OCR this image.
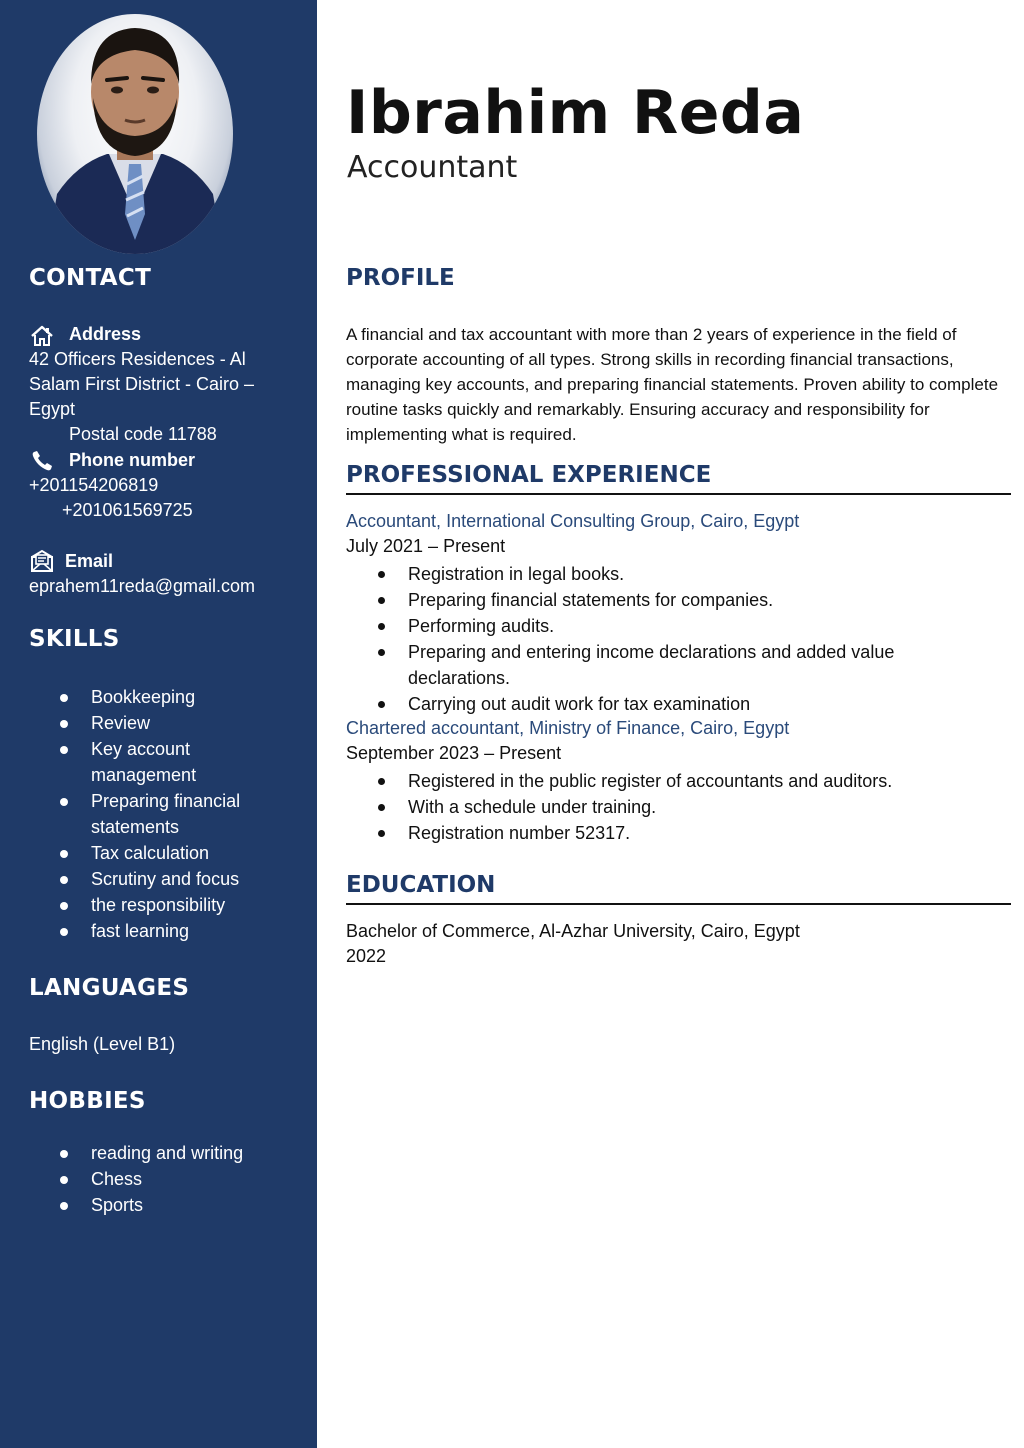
CONTACT

Address

42 Officers Residences - Al

Salam First District - Cairo –

Egypt

Postal code 11788

Phone number

+201154206819

+201061569725

Email

eprahem11reda@gmail.com

SKILLS
Bookkeeping
Review
Key account
management
Preparing financial
statements
Tax calculation
Scrutiny and focus
the responsibility
fast learning
LANGUAGES

English (Level B1)

HOBBIES
reading and writing
Chess
Sports
Ibrahim Reda

Accountant

PROFILE

A financial and tax accountant with more than 2 years of experience in the field of corporate accounting of all types. Strong skills in recording financial transactions, managing key accounts, and preparing financial statements. Proven ability to complete routine tasks quickly and remarkably. Ensuring accuracy and responsibility for implementing what is required.

PROFESSIONAL EXPERIENCE

Accountant, International Consulting Group, Cairo, Egypt

July 2021 – Present

Registration in legal books.
Preparing financial statements for companies.
Performing audits.
Preparing and entering income declarations and added value
declarations.
Carrying out audit work for tax examination

Chartered accountant, Ministry of Finance, Cairo, Egypt

September 2023 – Present

Registered in the public register of accountants and auditors.
With a schedule under training.
Registration number 52317.
EDUCATION

Bachelor of Commerce, Al-Azhar University, Cairo, Egypt

2022
